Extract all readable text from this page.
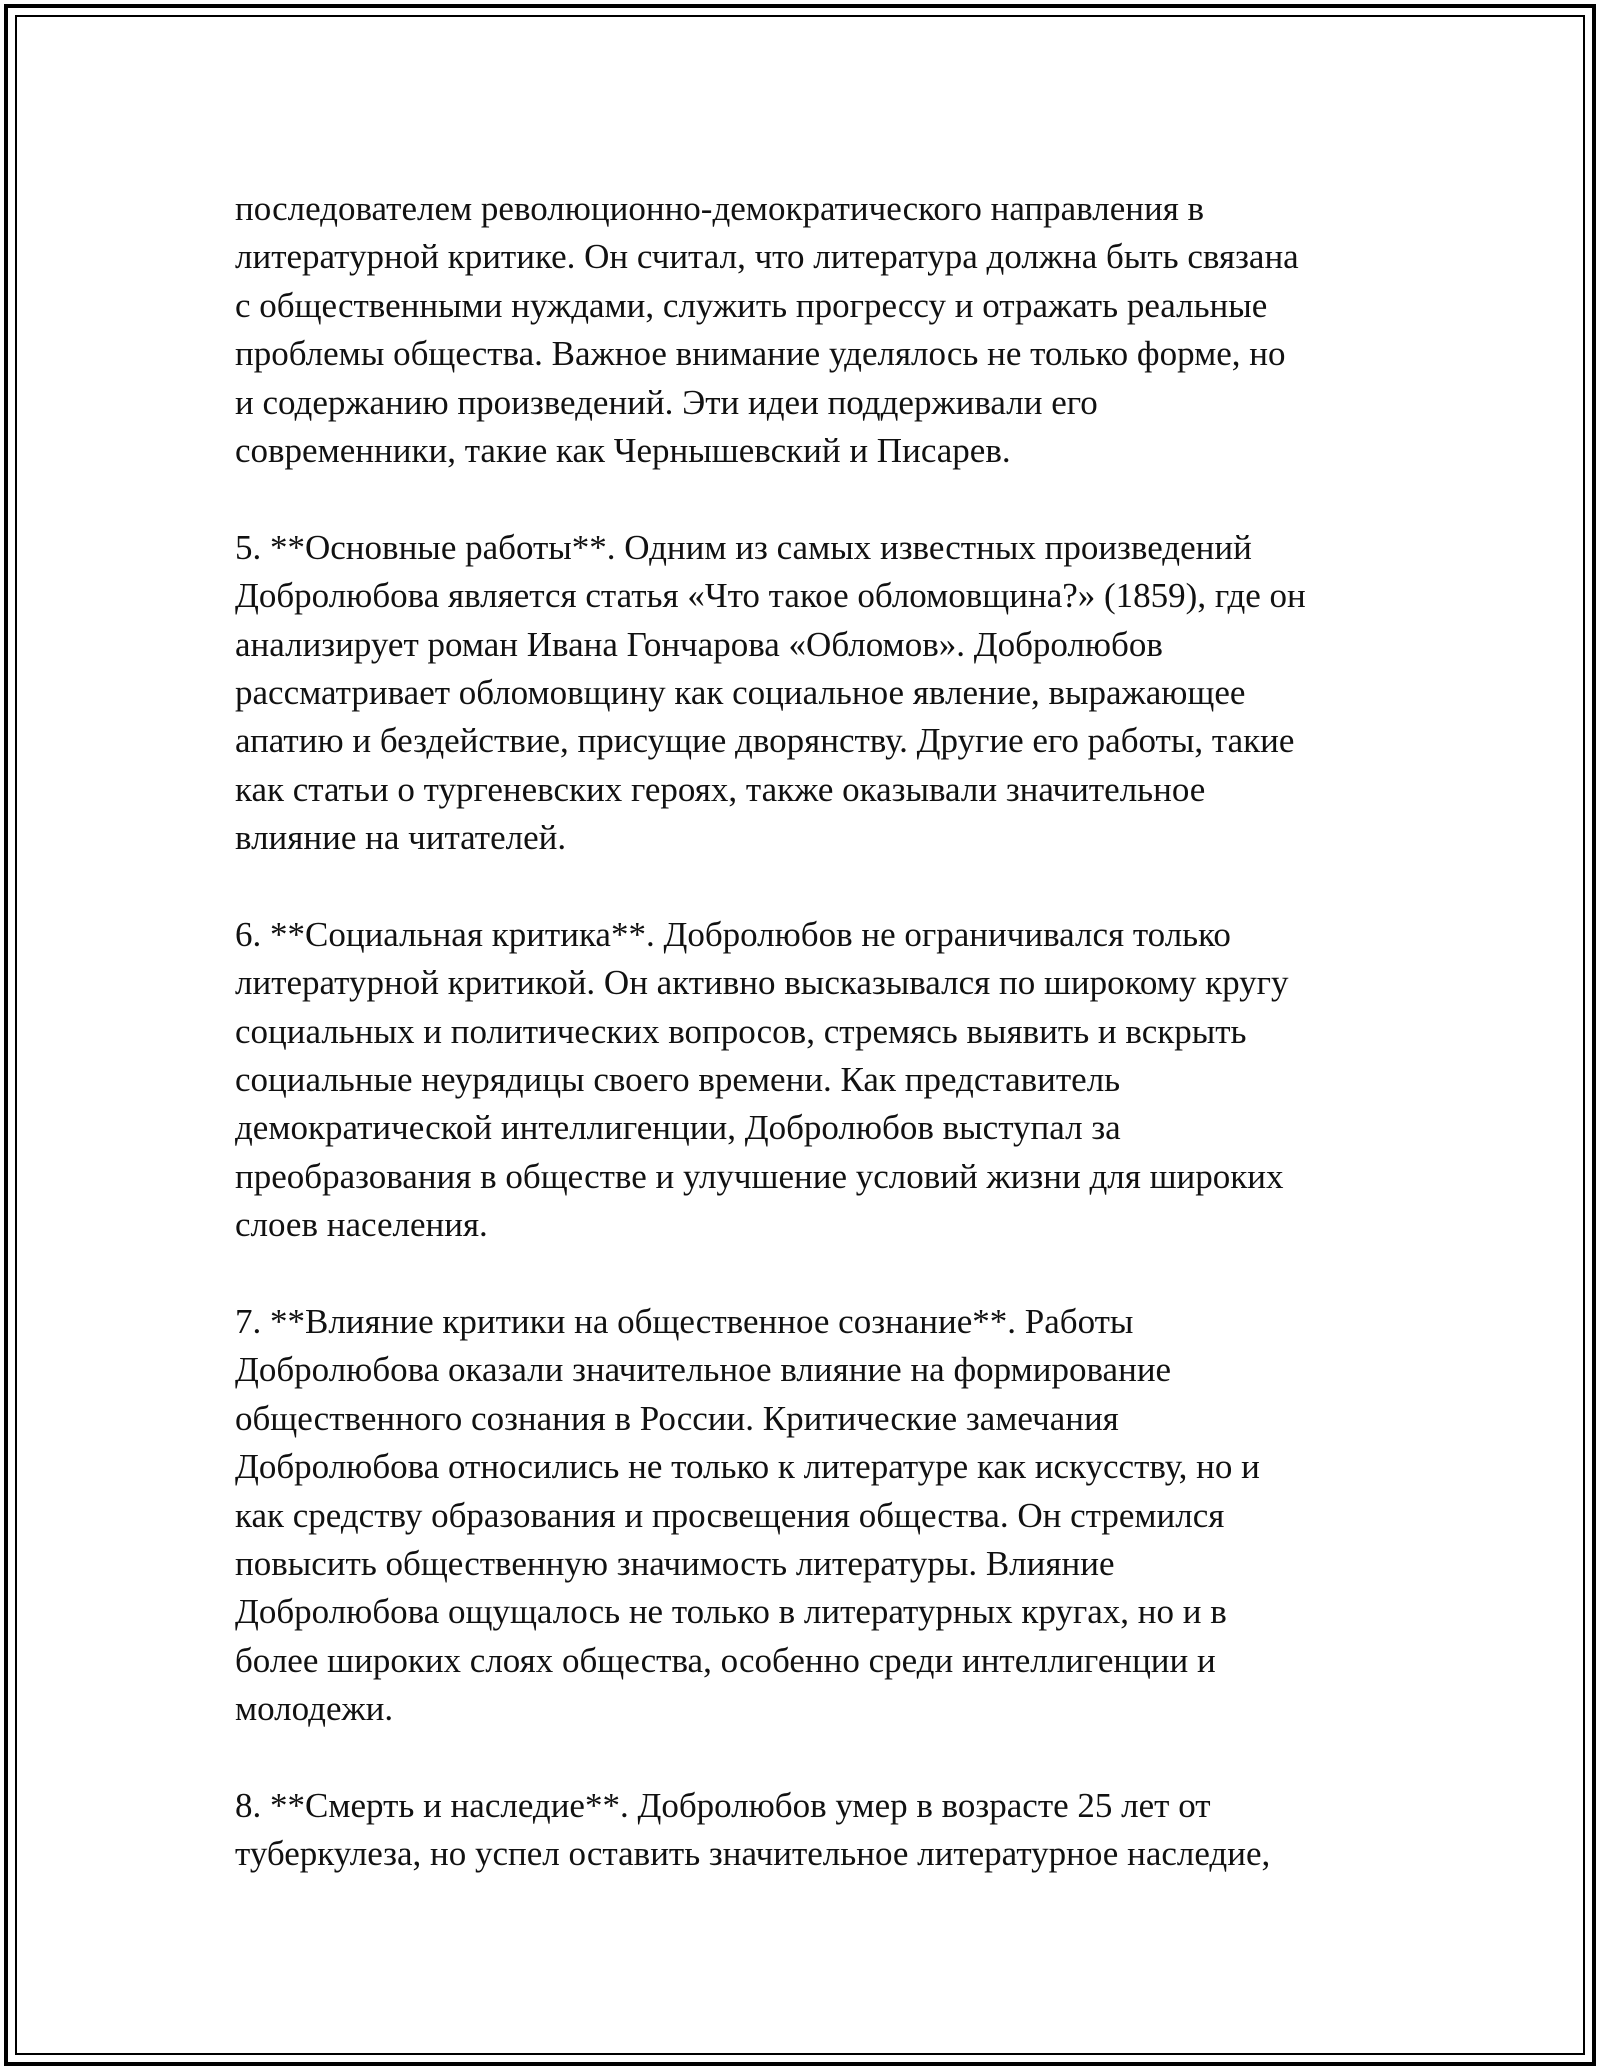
последователем революционно-демократического направления в
литературной критике. Он считал, что литература должна быть связана
с общественными нуждами, служить прогрессу и отражать реальные
проблемы общества. Важное внимание уделялось не только форме, но
и содержанию произведений. Эти идеи поддерживали его
современники, такие как Чернышевский и Писарев.
5. **Основные работы**. Одним из самых известных произведений
Добролюбова является статья «Что такое обломовщина?» (1859), где он
анализирует роман Ивана Гончарова «Обломов». Добролюбов
рассматривает обломовщину как социальное явление, выражающее
апатию и бездействие, присущие дворянству. Другие его работы, такие
как статьи о тургеневских героях, также оказывали значительное
влияние на читателей.
6. **Социальная критика**. Добролюбов не ограничивался только
литературной критикой. Он активно высказывался по широкому кругу
социальных и политических вопросов, стремясь выявить и вскрыть
социальные неурядицы своего времени. Как представитель
демократической интеллигенции, Добролюбов выступал за
преобразования в обществе и улучшение условий жизни для широких
слоев населения.
7. **Влияние критики на общественное сознание**. Работы
Добролюбова оказали значительное влияние на формирование
общественного сознания в России. Критические замечания
Добролюбова относились не только к литературе как искусству, но и
как средству образования и просвещения общества. Он стремился
повысить общественную значимость литературы. Влияние
Добролюбова ощущалось не только в литературных кругах, но и в
более широких слоях общества, особенно среди интеллигенции и
молодежи.
8. **Смерть и наследие**. Добролюбов умер в возрасте 25 лет от
туберкулеза, но успел оставить значительное литературное наследие,
